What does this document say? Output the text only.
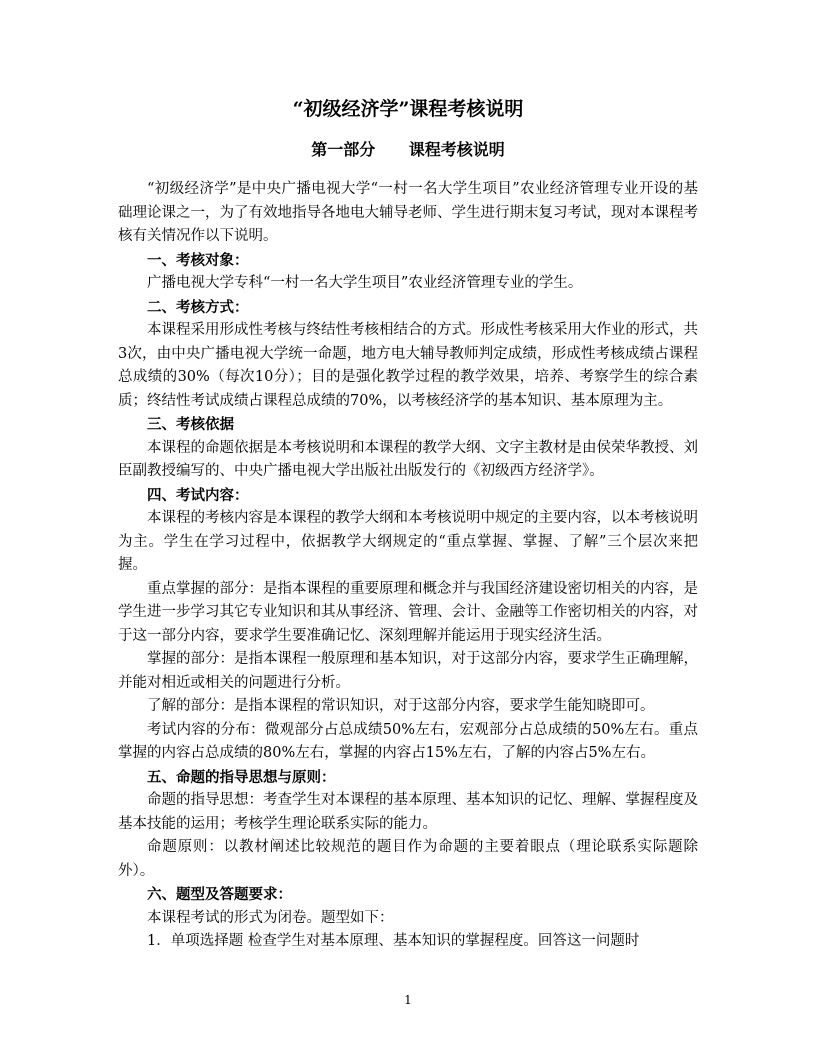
“初级经济学”课程考核说明
第一部分      课程考核说明

“初级经济学”是中央广播电视大学“一村一名大学生项目”农业经济管理专业开设的基础理论课之一，为了有效地指导各地电大辅导老师、学生进行期末复习考试，现对本课程考核有关情况作以下说明。

一、考核对象：

广播电视大学专科“一村一名大学生项目”农业经济管理专业的学生。

二、考核方式：

本课程采用形成性考核与终结性考核相结合的方式。形成性考核采用大作业的形式，共3次，由中央广播电视大学统一命题，地方电大辅导教师判定成绩，形成性考核成绩占课程总成绩的30%（每次10分）；目的是强化教学过程的教学效果，培养、考察学生的综合素质；终结性考试成绩占课程总成绩的70%，以考核经济学的基本知识、基本原理为主。

三、考核依据

本课程的命题依据是本考核说明和本课程的教学大纲、文字主教材是由侯荣华教授、刘臣副教授编写的、中央广播电视大学出版社出版发行的《初级西方经济学》。

四、考试内容：

本课程的考核内容是本课程的教学大纲和本考核说明中规定的主要内容，以本考核说明为主。学生在学习过程中，依据教学大纲规定的“重点掌握、掌握、了解”三个层次来把握。

重点掌握的部分：是指本课程的重要原理和概念并与我国经济建设密切相关的内容，是学生进一步学习其它专业知识和其从事经济、管理、会计、金融等工作密切相关的内容，对于这一部分内容，要求学生要准确记忆、深刻理解并能运用于现实经济生活。

掌握的部分：是指本课程一般原理和基本知识，对于这部分内容，要求学生正确理解，并能对相近或相关的问题进行分析。

了解的部分：是指本课程的常识知识，对于这部分内容，要求学生能知晓即可。

考试内容的分布：微观部分占总成绩50%左右，宏观部分占总成绩的50%左右。重点掌握的内容占总成绩的80%左右，掌握的内容占15%左右，了解的内容占5%左右。

五、命题的指导思想与原则：

命题的指导思想：考查学生对本课程的基本原理、基本知识的记忆、理解、掌握程度及基本技能的运用；考核学生理论联系实际的能力。

命题原则：以教材阐述比较规范的题目作为命题的主要着眼点（理论联系实际题除外）。

六、题型及答题要求：

本课程考试的形式为闭卷。题型如下：

1．单项选择题 检查学生对基本原理、基本知识的掌握程度。回答这一问题时

1
